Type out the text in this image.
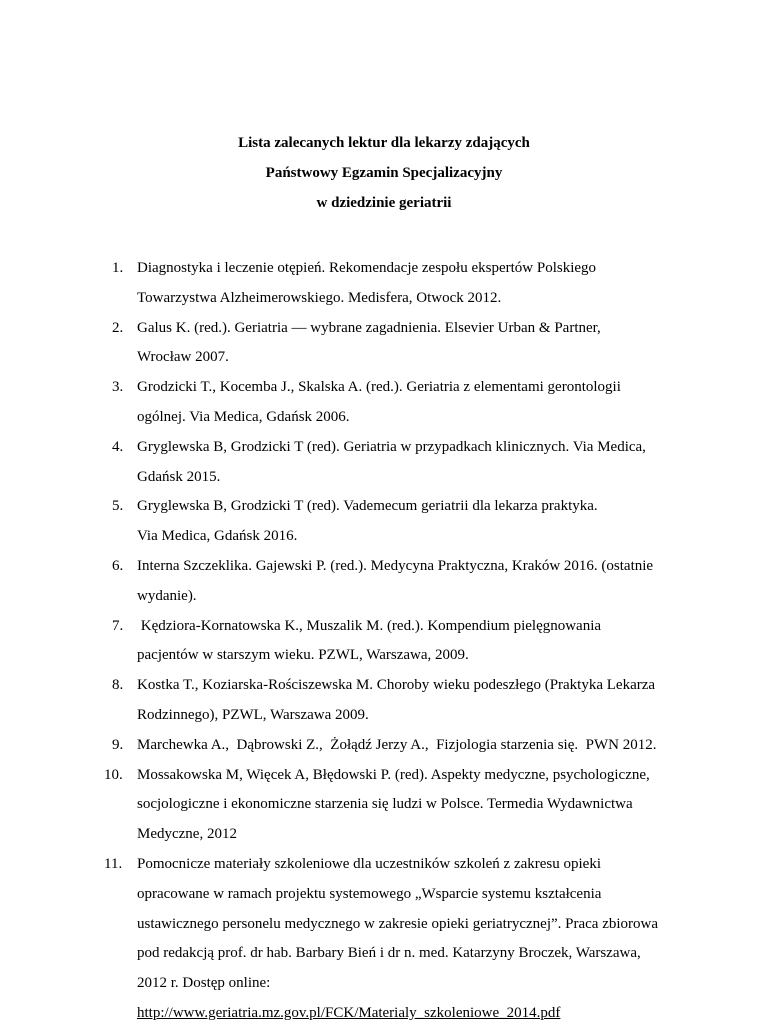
Lista zalecanych lektur dla lekarzy zdających
Państwowy Egzamin Specjalizacyjny
w dziedzinie geriatrii
1. Diagnostyka i leczenie otępień. Rekomendacje zespołu ekspertów Polskiego
Towarzystwa Alzheimerowskiego. Medisfera, Otwock 2012.
2. Galus K. (red.). Geriatria — wybrane zagadnienia. Elsevier Urban & Partner,
Wrocław 2007.
3. Grodzicki T., Kocemba J., Skalska A. (red.). Geriatria z elementami gerontologii
ogólnej. Via Medica, Gdańsk 2006.
4. Gryglewska B, Grodzicki T (red). Geriatria w przypadkach klinicznych. Via Medica,
Gdańsk 2015.
5. Gryglewska B, Grodzicki T (red). Vademecum geriatrii dla lekarza praktyka.
Via Medica, Gdańsk 2016.
6. Interna Szczeklika. Gajewski P. (red.). Medycyna Praktyczna, Kraków 2016. (ostatnie
wydanie).
7. Kędziora-Kornatowska K., Muszalik M. (red.). Kompendium pielęgnowania
pacjentów w starszym wieku. PZWL, Warszawa, 2009.
8. Kostka T., Koziarska-Rościszewska M. Choroby wieku podeszłego (Praktyka Lekarza
Rodzinnego), PZWL, Warszawa 2009.
9. Marchewka A.,  Dąbrowski Z.,  Żołądź Jerzy A.,  Fizjologia starzenia się.  PWN 2012.
10. Mossakowska M, Więcek A, Błędowski P. (red). Aspekty medyczne, psychologiczne,
socjologiczne i ekonomiczne starzenia się ludzi w Polsce. Termedia Wydawnictwa
Medyczne, 2012
11. Pomocnicze materiały szkoleniowe dla uczestników szkoleń z zakresu opieki
opracowane w ramach projektu systemowego „Wsparcie systemu kształcenia
ustawicznego personelu medycznego w zakresie opieki geriatrycznej”. Praca zbiorowa
pod redakcją prof. dr hab. Barbary Bień i dr n. med. Katarzyny Broczek, Warszawa,
2012 r. Dostęp online:
http://www.geriatria.mz.gov.pl/FCK/Materialy_szkoleniowe_2014.pdf
